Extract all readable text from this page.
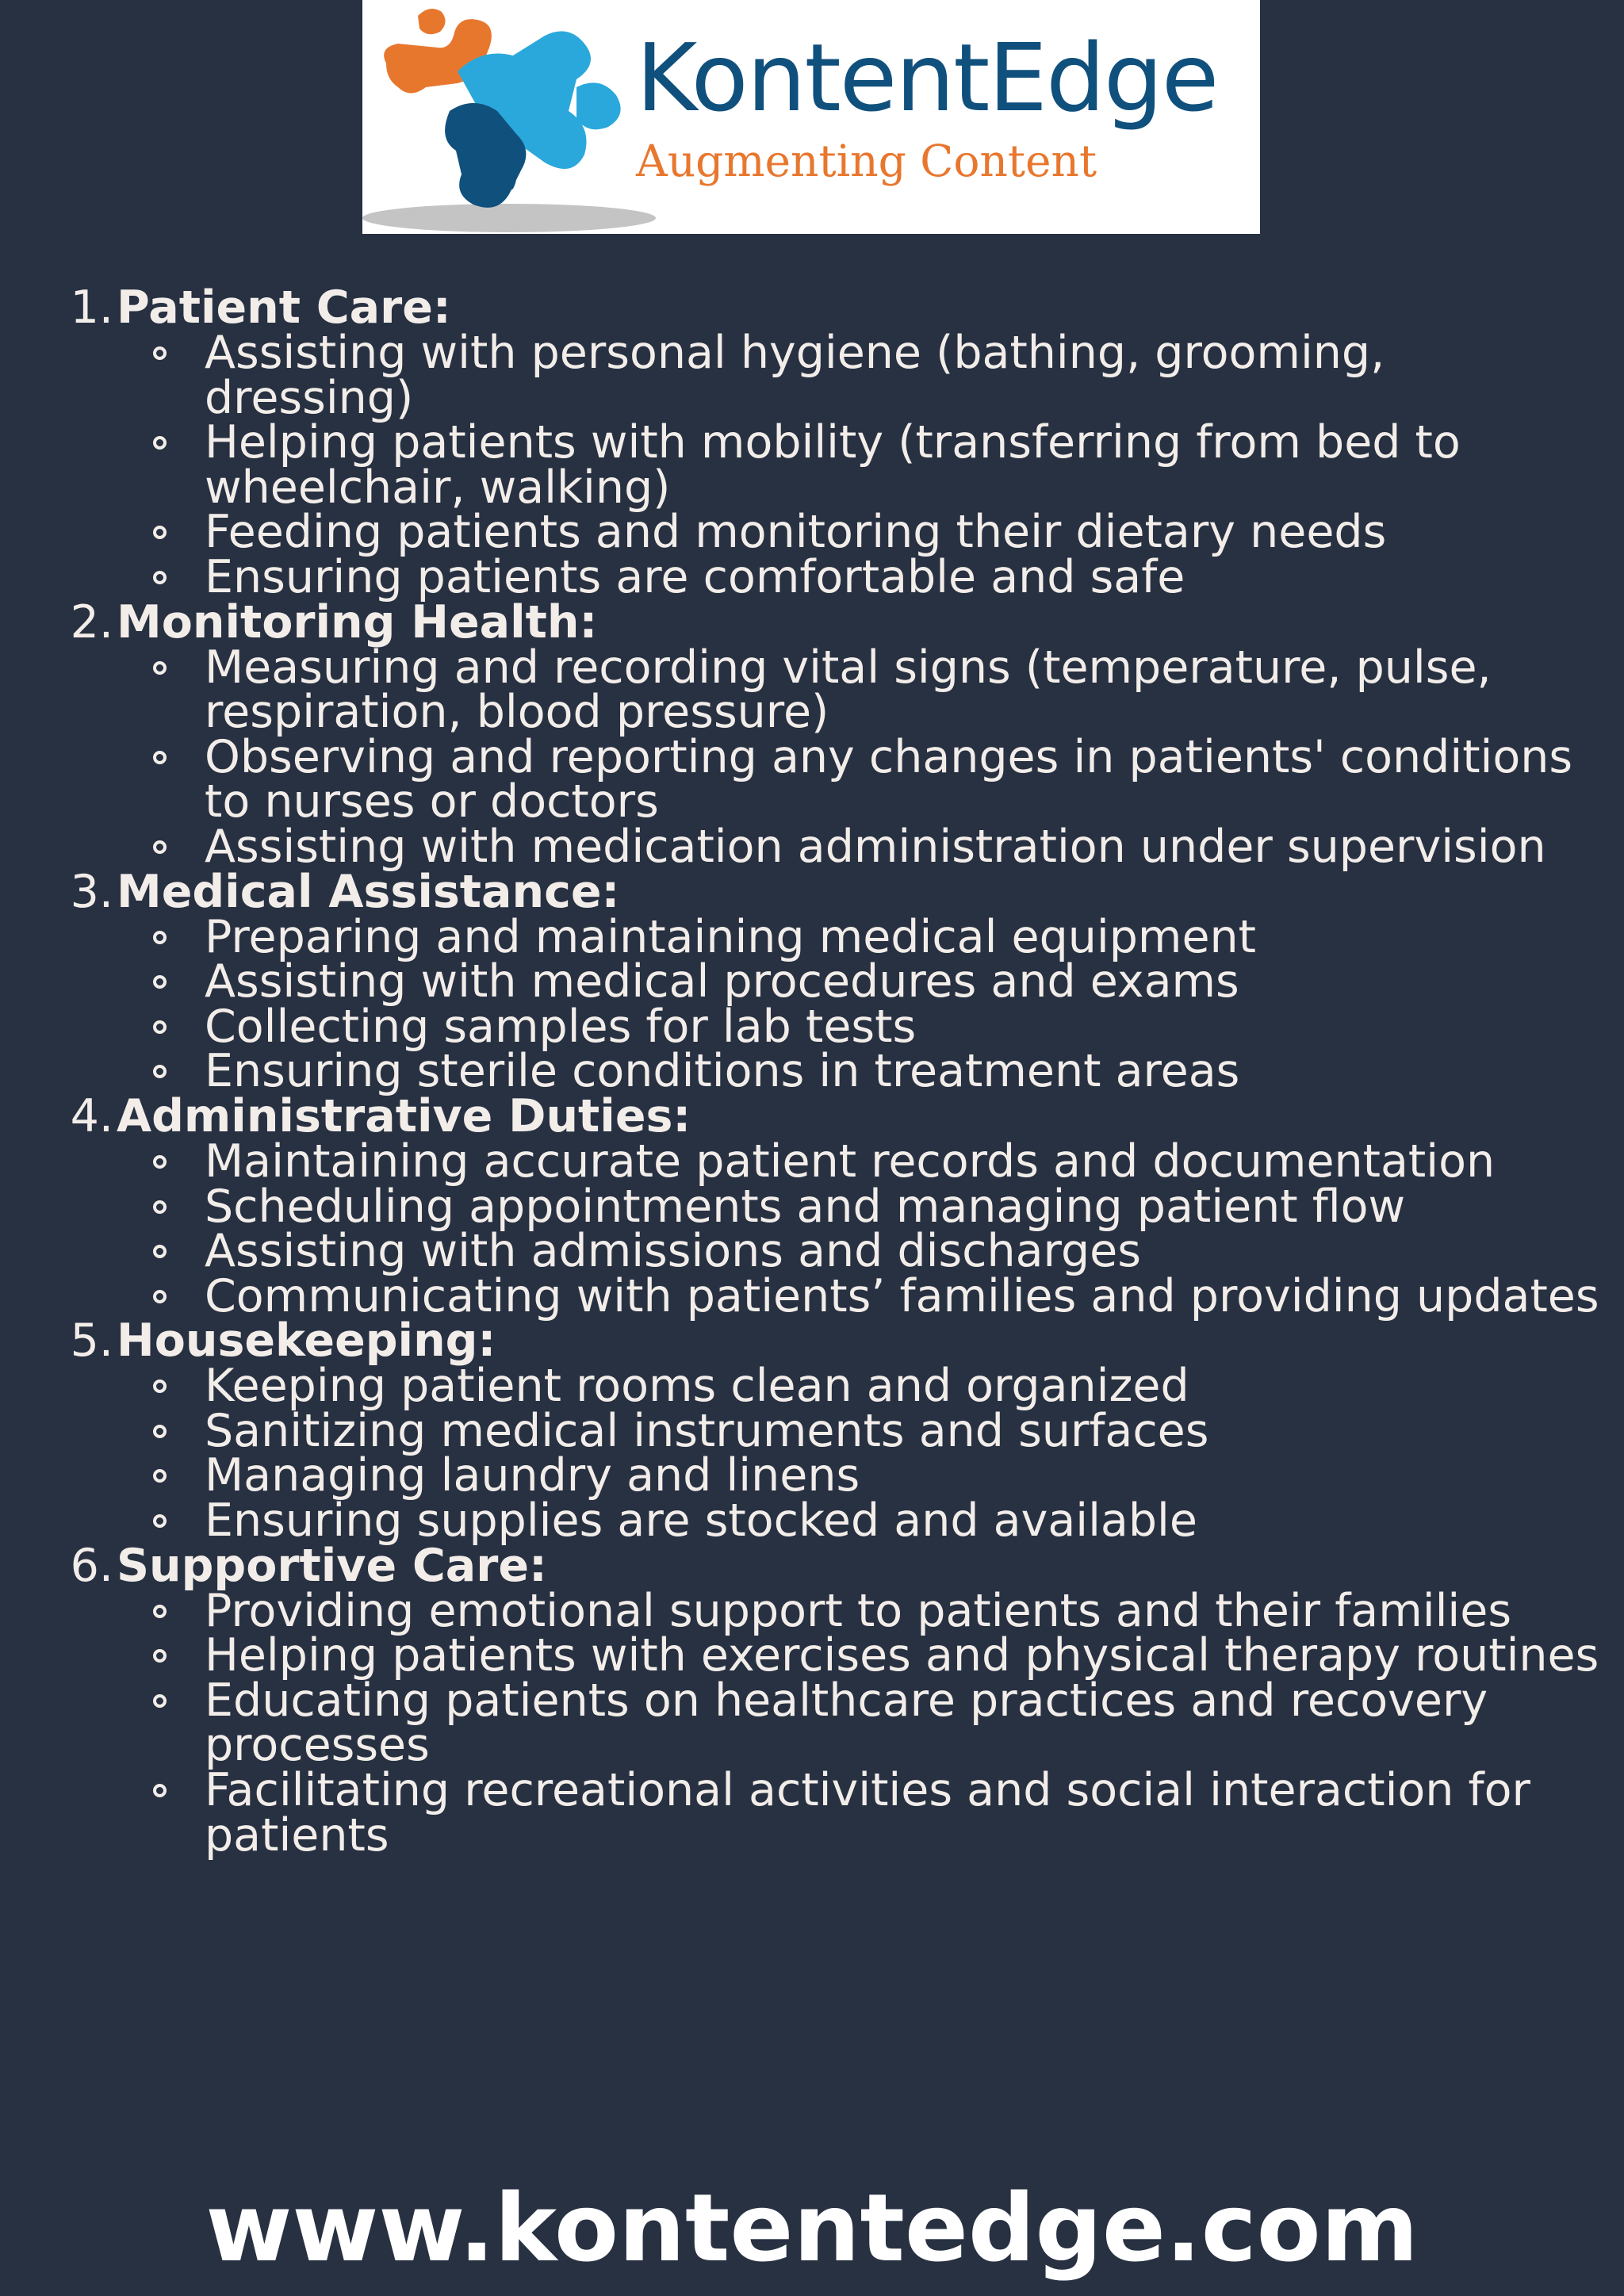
KontentEdge
Augmenting Content
1. Patient Care:
Assisting with personal hygiene (bathing, grooming, dressing)
Helping patients with mobility (transferring from bed to wheelchair, walking)
Feeding patients and monitoring their dietary needs
Ensuring patients are comfortable and safe
2. Monitoring Health:
Measuring and recording vital signs (temperature, pulse, respiration, blood pressure)
Observing and reporting any changes in patients' conditions to nurses or doctors
Assisting with medication administration under supervision
3. Medical Assistance:
Preparing and maintaining medical equipment
Assisting with medical procedures and exams
Collecting samples for lab tests
Ensuring sterile conditions in treatment areas
4. Administrative Duties:
Maintaining accurate patient records and documentation
Scheduling appointments and managing patient flow
Assisting with admissions and discharges
Communicating with patients’ families and providing updates
5. Housekeeping:
Keeping patient rooms clean and organized
Sanitizing medical instruments and surfaces
Managing laundry and linens
Ensuring supplies are stocked and available
6. Supportive Care:
Providing emotional support to patients and their families
Helping patients with exercises and physical therapy routines
Educating patients on healthcare practices and recovery processes
Facilitating recreational activities and social interaction for patients
www.kontentedge.com
